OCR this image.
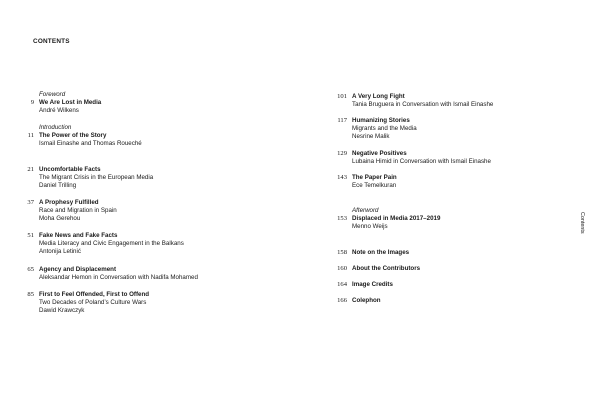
CONTENTS
Contents
Foreword
9 We Are Lost in Media
André Wilkens
Introduction
11 The Power of the Story
Ismail Einashe and Thomas Roueché
21 Uncomfortable Facts
The Migrant Crisis in the European Media
Daniel Trilling
37 A Prophesy Fulfilled
Race and Migration in Spain
Moha Gerehou
51 Fake News and Fake Facts
Media Literacy and Civic Engagement in the Balkans
Antonija Letinić
65 Agency and Displacement
Aleksandar Hemon in Conversation with Nadifa Mohamed
85 First to Feel Offended, First to Offend
Two Decades of Poland’s Culture Wars
Dawid Krawczyk
101 A Very Long Fight
Tania Bruguera in Conversation with Ismail Einashe
117 Humanizing Stories
Migrants and the Media
Nesrine Malik
129 Negative Positives
Lubaina Himid in Conversation with Ismail Einashe
143 The Paper Pain
Ece Temelkuran
Afterword
153 Displaced in Media 2017–2019
Menno Weijs
158 Note on the Images
160 About the Contributors
164 Image Credits
166 Colephon
